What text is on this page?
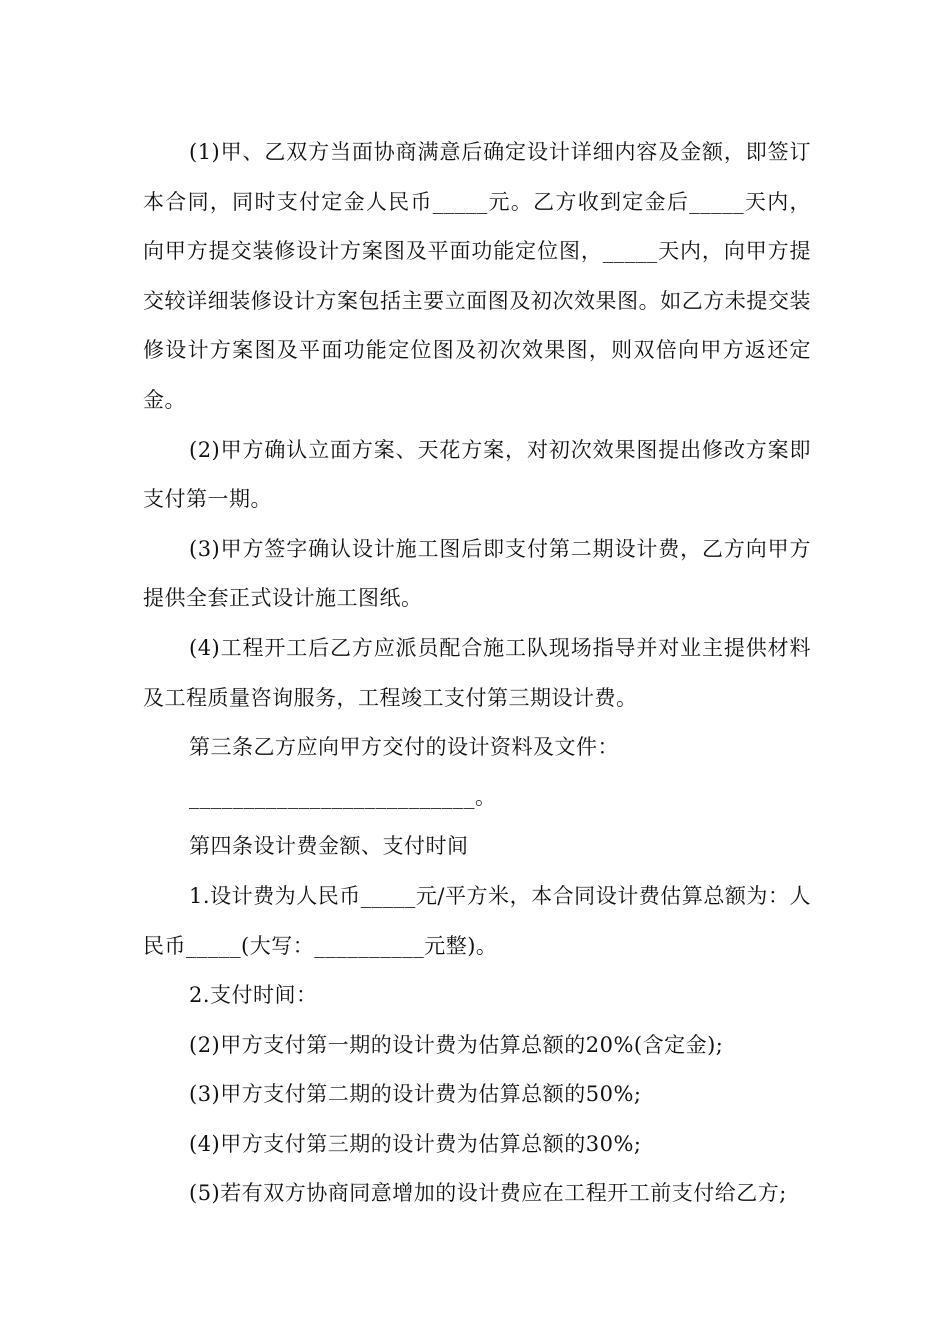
(1)甲、乙双方当面协商满意后确定设计详细内容及金额，即签订本合同，同时支付定金人民币_____元。乙方收到定金后_____天内，向甲方提交装修设计方案图及平面功能定位图，_____天内，向甲方提交较详细装修设计方案包括主要立面图及初次效果图。如乙方未提交装修设计方案图及平面功能定位图及初次效果图，则双倍向甲方返还定金。

(2)甲方确认立面方案、天花方案，对初次效果图提出修改方案即支付第一期。

(3)甲方签字确认设计施工图后即支付第二期设计费，乙方向甲方提供全套正式设计施工图纸。

(4)工程开工后乙方应派员配合施工队现场指导并对业主提供材料及工程质量咨询服务，工程竣工支付第三期设计费。

第三条乙方应向甲方交付的设计资料及文件：

__________________________。

第四条设计费金额、支付时间

1.设计费为人民币_____元/平方米，本合同设计费估算总额为：人民币_____(大写：__________元整)。

2.支付时间：

(2)甲方支付第一期的设计费为估算总额的20%(含定金);

(3)甲方支付第二期的设计费为估算总额的50%;

(4)甲方支付第三期的设计费为估算总额的30%;

(5)若有双方协商同意增加的设计费应在工程开工前支付给乙方;
